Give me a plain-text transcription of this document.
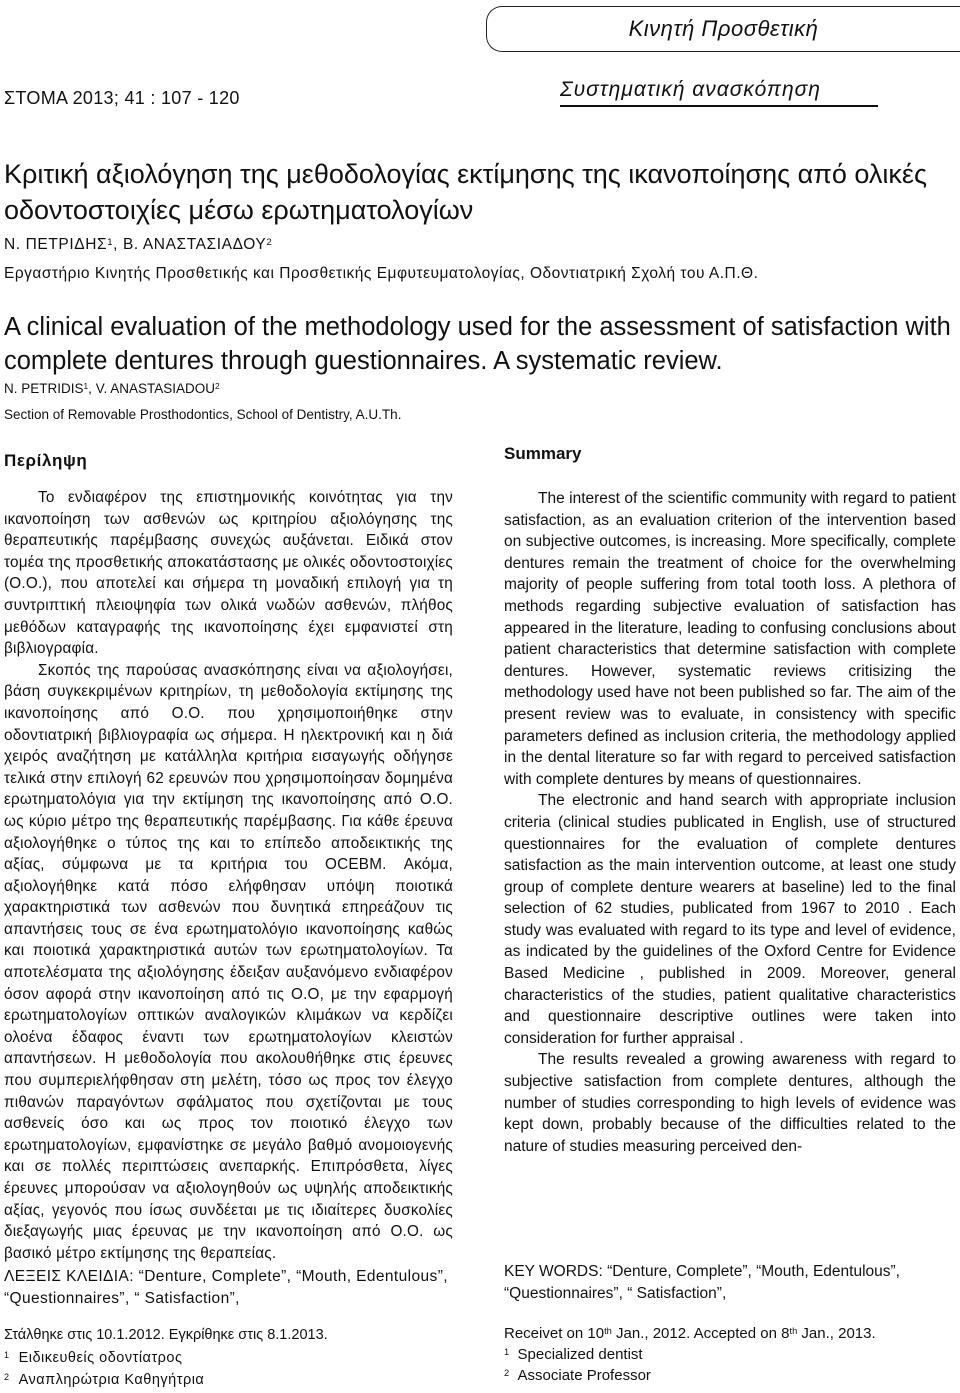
Κινητή Προσθετική
ΣΤΟΜΑ 2013; 41 : 107 - 120	Συστηματική ανασκόπηση
Κριτική αξιολόγηση της μεθοδολογίας εκτίμησης της ικανοποίησης από ολικές οδοντοστοιχίες μέσω ερωτηματολογίων
Ν. ΠΕΤΡΙΔΗΣ$^1$, Β. ΑΝΑΣΤΑΣΙΑΔΟΥ$^2$
Εργαστήριο Κινητής Προσθετικής και Προσθετικής Εμφυτευματολογίας, Οδοντιατρική Σχολή του Α.Π.Θ.
A clinical evaluation of the methodology used for the assessment of satisfaction with complete dentures through guestionnaires. A systematic review.
N. PETRIDIS$^1$, V. ANASTASIADOU$^2$
Section of Removable Prosthodontics, School of Dentistry, A.U.Th.
Περίληψη	Summary

Το ενδιαφέρον της επιστημονικής κοινότητας για την ικανοποίηση των ασθενών ως κριτηρίου αξιολόγησης της θεραπευτικής παρέμβασης συνεχώς αυξάνεται. Ειδικά στον τομέα της προσθετικής αποκατάστασης με ολικές οδοντοστοιχίες (Ο.Ο.), που αποτελεί και σήμερα τη μοναδική επιλογή για τη συντριπτική πλειοψηφία των ολικά νωδών ασθενών, πλήθος μεθόδων καταγραφής της ικανοποίησης έχει εμφανιστεί στη βιβλιογραφία.

Σκοπός της παρούσας ανασκόπησης είναι να αξιολογήσει, βάση συγκεκριμένων κριτηρίων, τη μεθοδολογία εκτίμησης της ικανοποίησης από Ο.Ο. που χρησιμοποιήθηκε στην οδοντιατρική βιβλιογραφία ως σήμερα. Η ηλεκτρονική και η διά χειρός αναζήτηση με κατάλληλα κριτήρια εισαγωγής οδήγησε τελικά στην επιλογή 62 ερευνών που χρησιμοποίησαν δομημένα ερωτηματολόγια για την εκτίμηση της ικανοποίησης από Ο.Ο. ως κύριο μέτρο της θεραπευτικής παρέμβασης. Για κάθε έρευνα αξιολογήθηκε ο τύπος της και το επίπεδο αποδεικτικής της αξίας, σύμφωνα με τα κριτήρια του OCEBM. Ακόμα, αξιολογήθηκε κατά πόσο ελήφθησαν υπόψη ποιοτικά χαρακτηριστικά των ασθενών που δυνητικά επηρεάζουν τις απαντήσεις τους σε ένα ερωτηματολόγιο ικανοποίησης καθώς και ποιοτικά χαρακτηριστικά αυτών των ερωτηματολογίων. Τα αποτελέσματα της αξιολόγησης έδειξαν αυξανόμενο ενδιαφέρον όσον αφορά στην ικανοποίηση από τις Ο.Ο, με την εφαρμογή ερωτηματολογίων οπτικών αναλογικών κλιμάκων να κερδίζει ολοένα έδαφος έναντι των ερωτηματολογίων κλειστών απαντήσεων. Η μεθοδολογία που ακολουθήθηκε στις έρευνες που συμπεριελήφθησαν στη μελέτη, τόσο ως προς τον έλεγχο πιθανών παραγόντων σφάλματος που σχετίζονται με τους ασθενείς όσο και ως προς τον ποιοτικό έλεγχο των ερωτηματολογίων, εμφανίστηκε σε μεγάλο βαθμό ανομοιογενής και σε πολλές περιπτώσεις ανεπαρκής. Επιπρόσθετα, λίγες έρευνες μπορούσαν να αξιολογηθούν ως υψηλής αποδεικτικής αξίας, γεγονός που ίσως συνδέεται με τις ιδιαίτερες δυσκολίες διεξαγωγής μιας έρευνας με την ικανοποίηση από Ο.Ο. ως βασικό μέτρο εκτίμησης της θεραπείας.

The interest of the scientific community with regard to patient satisfaction, as an evaluation criterion of the intervention based on subjective outcomes, is increasing. More specifically, complete dentures remain the treatment of choice for the overwhelming majority of people suffering from total tooth loss. A plethora of methods regarding subjective evaluation of satisfaction has appeared in the literature, leading to confusing conclusions about patient characteristics that determine satisfaction with complete dentures. However, systematic reviews critisizing the methodology used have not been published so far. The aim of the present review was to evaluate, in consistency with specific parameters defined as inclusion criteria, the methodology applied in the dental literature so far with regard to perceived satisfaction with complete dentures by means of questionnaires.

The electronic and hand search with appropriate inclusion criteria (clinical studies publicated in English, use of structured questionnaires for the evaluation of complete dentures satisfaction as the main intervention outcome, at least one study group of complete denture wearers at baseline) led to the final selection of 62 studies, publicated from 1967 to 2010 . Each study was evaluated with regard to its type and level of evidence, as indicated by the guidelines of the Oxford Centre for Evidence Based Medicine , published in 2009. Moreover, general characteristics of the studies, patient qualitative characteristics and questionnaire descriptive outlines were taken into consideration for further appraisal .

The results revealed a growing awareness with regard to subjective satisfaction from complete dentures, although the number of studies corresponding to high levels of evidence was kept down, probably because of the difficulties related to the nature of studies measuring perceived den-

ΛΕΞΕΙΣ ΚΛΕΙΔΙΑ: “Denture, Complete”, “Mouth, Edentulous”, “Questionnaires”, “ Satisfaction”,
KEY WORDS: “Denture, Complete”, “Mouth, Edentulous”, “Questionnaires”, “ Satisfaction”,
Στάλθηκε στις 10.1.2012. Εγκρίθηκε στις 8.1.2013.
$^1$ Ειδικευθείς οδοντίατρος
$^2$ Αναπληρώτρια Καθηγήτρια
Receivet on 10th Jan., 2012. Accepted on 8th Jan., 2013.
$^1$ Specialized dentist
$^2$ Associate Professor
